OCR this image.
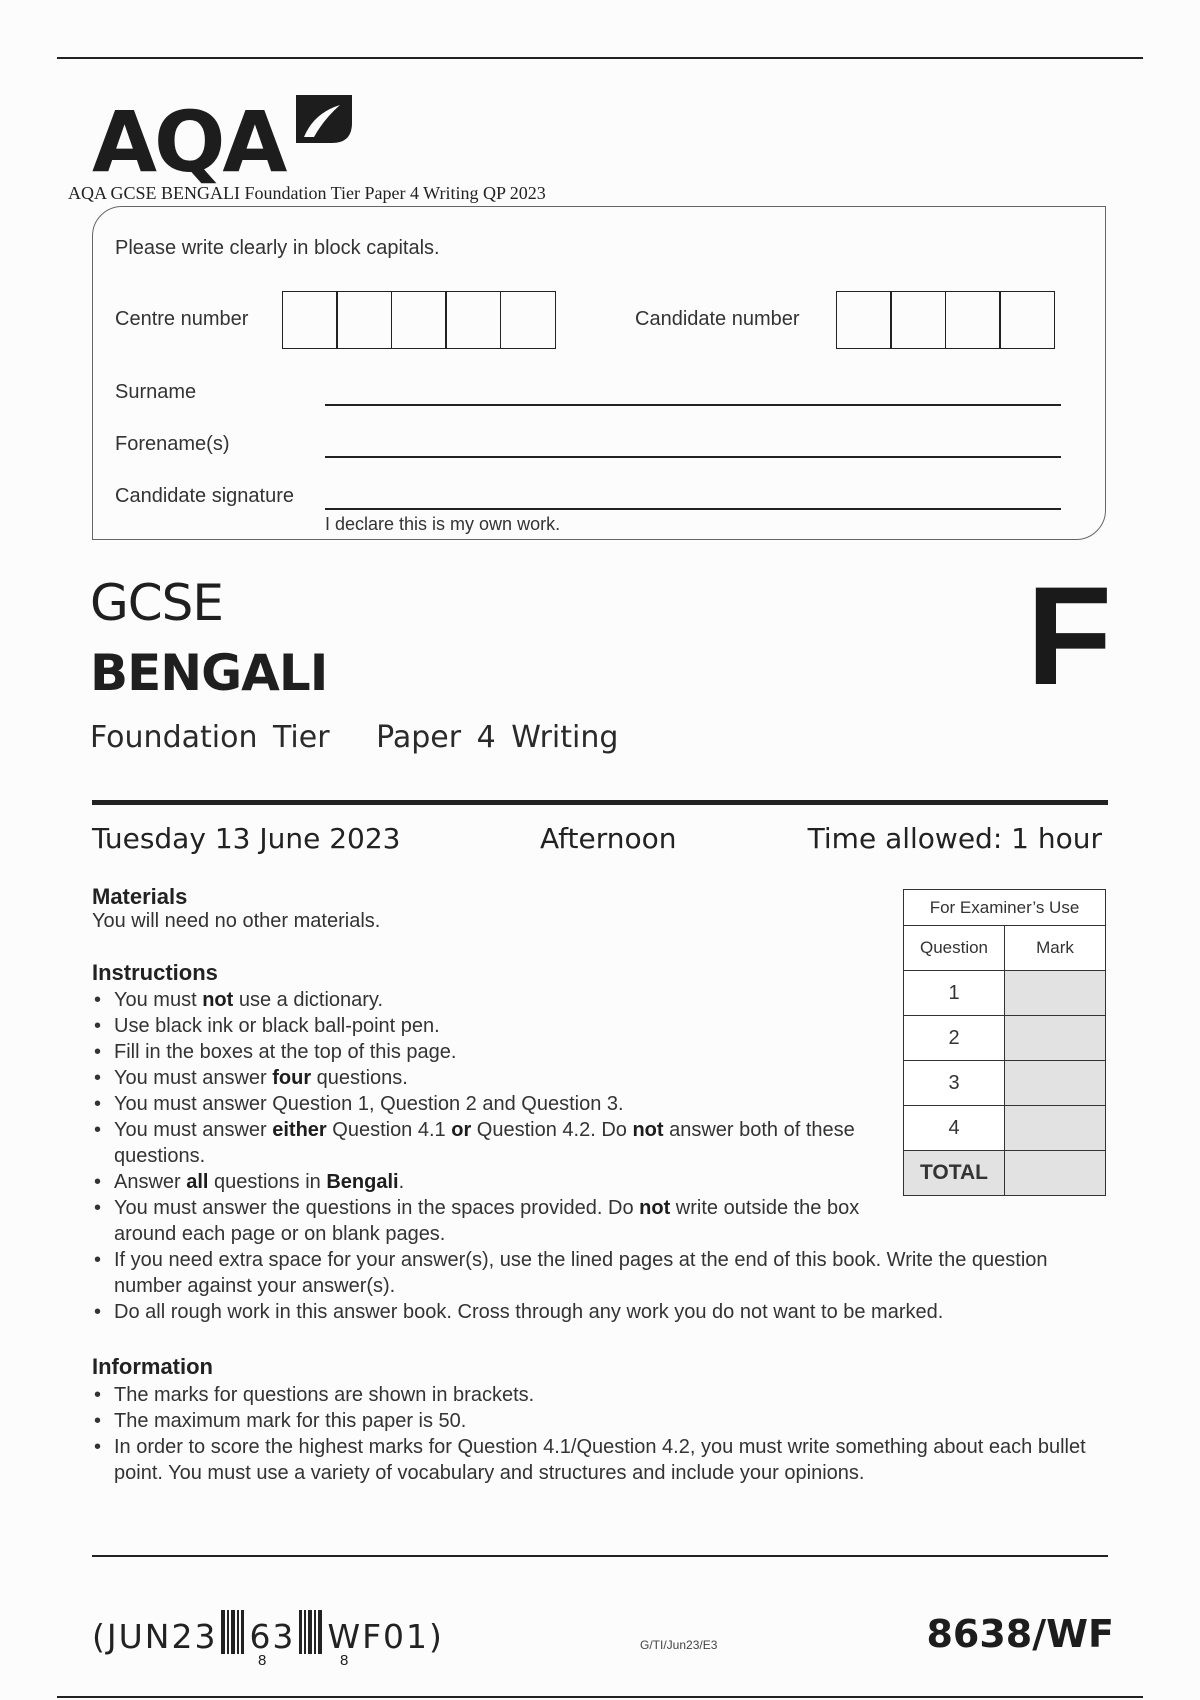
AQA
AQA GCSE BENGALI Foundation Tier Paper 4 Writing QP 2023
Please write clearly in block capitals.
Centre number	Candidate number
Surname
Forename(s)
Candidate signature
I declare this is my own work.
GCSE
BENGALI	F
Foundation Tier Paper 4 Writing
Tuesday 13 June 2023	Afternoon	Time allowed: 1 hour
Materials
You will need no other materials.
Instructions
• You must not use a dictionary.
• Use black ink or black ball-point pen.
• Fill in the boxes at the top of this page.
• You must answer four questions.
• You must answer Question 1, Question 2 and Question 3.
• You must answer either Question 4.1 or Question 4.2. Do not answer both of these questions.
• Answer all questions in Bengali.
• You must answer the questions in the spaces provided. Do not write outside the box around each page or on blank pages.
• If you need extra space for your answer(s), use the lined pages at the end of this book. Write the question number against your answer(s).
• Do all rough work in this answer book. Cross through any work you do not want to be marked.
Information
• The marks for questions are shown in brackets.
• The maximum mark for this paper is 50.
• In order to score the highest marks for Question 4.1/Question 4.2, you must write something about each bullet point. You must use a variety of vocabulary and structures and include your opinions.
For Examiner’s Use	
Question	Mark
1	
2	
3	
4	
TOTAL	
(JUN23 63 WF01)
8	8
G/TI/Jun23/E3	8638/WF
